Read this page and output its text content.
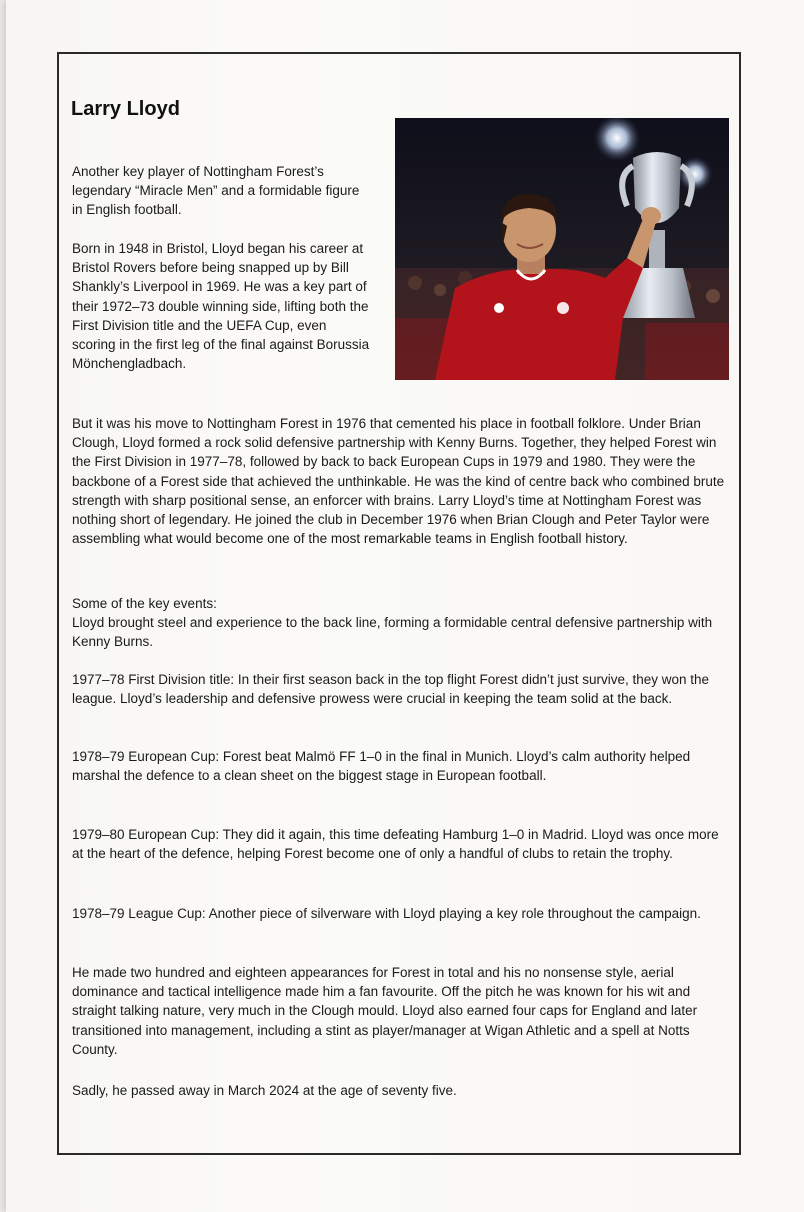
Larry Lloyd

Another key player of Nottingham Forest’s legendary “Miracle Men” and a formidable figure in English football.

Born in 1948 in Bristol, Lloyd began his career at Bristol Rovers before being snapped up by Bill Shankly’s Liverpool in 1969. He was a key part of their 1972–73 double winning side, lifting both the First Division title and the UEFA Cup, even scoring in the first leg of the final against Borussia Mönchengladbach.

But it was his move to Nottingham Forest in 1976 that cemented his place in football folklore. Under Brian Clough, Lloyd formed a rock solid defensive partnership with Kenny Burns. Together, they helped Forest win the First Division in 1977–78, followed by back to back European Cups in 1979 and 1980. They were the backbone of a Forest side that achieved the unthinkable. He was the kind of centre back who combined brute strength with sharp positional sense, an enforcer with brains. Larry Lloyd’s time at Nottingham Forest was nothing short of legendary. He joined the club in December 1976 when Brian Clough and Peter Taylor were assembling what would become one of the most remarkable teams in English football history.

Some of the key events:

Lloyd brought steel and experience to the back line, forming a formidable central defensive partnership with Kenny Burns.

1977–78 First Division title: In their first season back in the top flight Forest didn’t just survive, they won the league. Lloyd’s leadership and defensive prowess were crucial in keeping the team solid at the back.

1978–79 European Cup: Forest beat Malmö FF 1–0 in the final in Munich. Lloyd’s calm authority helped marshal the defence to a clean sheet on the biggest stage in European football.

1979–80 European Cup: They did it again, this time defeating Hamburg 1–0 in Madrid. Lloyd was once more at the heart of the defence, helping Forest become one of only a handful of clubs to retain the trophy.

1978–79 League Cup: Another piece of silverware with Lloyd playing a key role throughout the campaign.

He made two hundred and eighteen appearances for Forest in total and his no nonsense style, aerial dominance and tactical intelligence made him a fan favourite. Off the pitch he was known for his wit and straight talking nature, very much in the Clough mould. Lloyd also earned four caps for England and later transitioned into management, including a stint as player/manager at Wigan Athletic and a spell at Notts County.

Sadly, he passed away in March 2024 at the age of seventy five.
